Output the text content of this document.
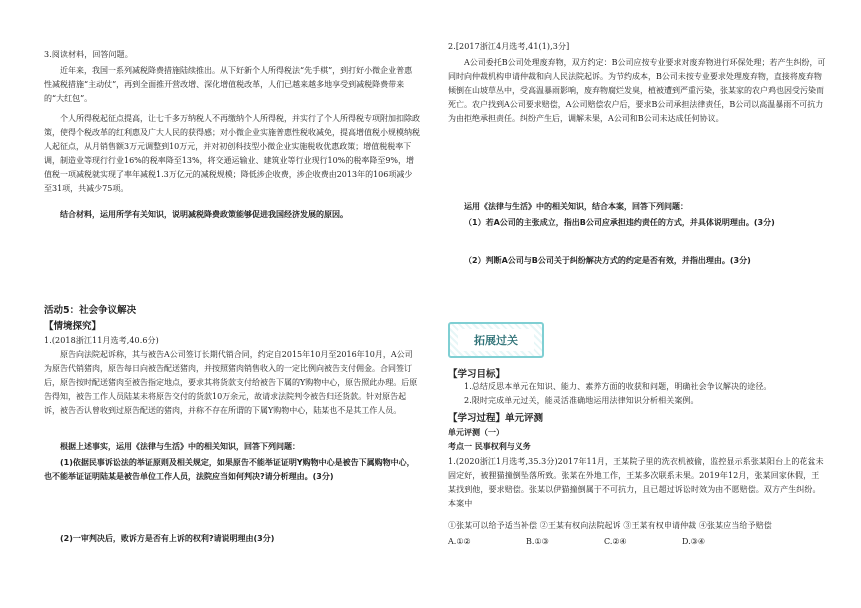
3.阅读材料，回答问题。

近年来，我国一系列减税降费措施陆续推出。从下好新个人所得税法“先手棋”，到打好小微企业普惠性减税措施“主动仗”，再到全面推开营改增、深化增值税改革，人们已越来越多地享受到减税降费带来的“大红包”。

个人所得税起征点提高，让七千多万纳税人不再缴纳个人所得税，并实行了个人所得税专项附加扣除政策，使得个税改革的红利惠及广大人民的获得感；对小微企业实施普惠性税收减免，提高增值税小规模纳税人起征点，从月销售额3万元调整到10万元，并对初创科技型小微企业实施税收优惠政策；增值税税率下调，制造业等现行行业16%的税率降至13%，将交通运输业、建筑业等行业现行10%的税率降至9%，增值税一项减税就实现了率年减税1.3万亿元的减税规模；降低涉企收费，涉企收费由2013年的106项减少至31项，共减少75项。

结合材料，运用所学有关知识，说明减税降费政策能够促进我国经济发展的原因。
活动5：社会争议解决
【情境探究】
1.(2018浙江11月选考,40.6分)

原告向法院起诉称，其与被告A公司签订长期代销合同，约定自2015年10月至2016年10月，A公司为原告代销猪肉，原告每日向被告配送猪肉，并按照猪肉销售收入的一定比例向被告支付佣金。合同签订后，原告按时配送猪肉至被告指定地点，要求其将货款支付给被告下属的Y购物中心，原告照此办理。后原告得知，被告工作人员陆某未将原告交付的货款10万余元，故请求法院判令被告归还货款。针对原告起诉，被告否认曾收到过原告配送的猪肉，并称不存在所谓的下属Y购物中心，陆某也不是其工作人员。

根据上述事实，运用《法律与生活》中的相关知识，回答下列问题：
(1)依据民事诉讼法的举证原则及相关规定，如果原告不能举证证明Y购物中心是被告下属购物中心，也不能举证证明陆某是被告单位工作人员，法院应当如何判决?请分析理由。(3分)
(2)一审判决后，败诉方是否有上诉的权利?请说明理由(3分)
2.[2017浙江4月选考,41(1),3分]

A公司委托B公司处理废弃物，双方约定：B公司应按专业要求对废弃物进行环保处理；若产生纠纷，可同时向仲裁机构申请仲裁和向人民法院起诉。为节约成本，B公司未按专业要求处理废弃物，直接将废弃物倾倒在山坡草丛中，受高温暴雨影响，废弃物腐烂发臭，植被遭到严重污染，张某家的农户鸡也因受污染而死亡。农户找到A公司要求赔偿，A公司赔偿农户后，要求B公司承担法律责任，B公司以高温暴雨不可抗力为由拒绝承担责任。纠纷产生后，调解未果，A公司和B公司未达成任何协议。

运用《法律与生活》中的相关知识，结合本案，回答下列问题：
（1）若A公司的主张成立，指出B公司应承担违约责任的方式，并具体说明理由。(3分)
（2）判断A公司与B公司关于纠纷解决方式的约定是否有效，并指出理由。(3分)
拓展过关
【学习目标】
1.总结反思本单元在知识、能力、素养方面的收获和问题，明确社会争议解决的途径。
2.限时完成单元过关，能灵活准确地运用法律知识分析相关案例。
【学习过程】单元评测
单元评测（一）
考点一 民事权利与义务
1.(2020浙江1月选考,35.3分)2017年11月，王某院子里的洗衣机被偷，监控显示系张某阳台上的花盆未固定好，被狸猫撞倒坠落所致。张某在外地工作，王某多次联系未果。2019年12月，张某回家休假，王某找到他，要求赔偿。张某以伊猫撞倒属于不可抗力，且已超过诉讼时效为由不愿赔偿。双方产生纠纷。本案中
①张某可以给予适当补偿 ②王某有权向法院起诉 ③王某有权申请仲裁 ④张某应当给予赔偿
A.①②	B.①③	C.②④	D.③④
